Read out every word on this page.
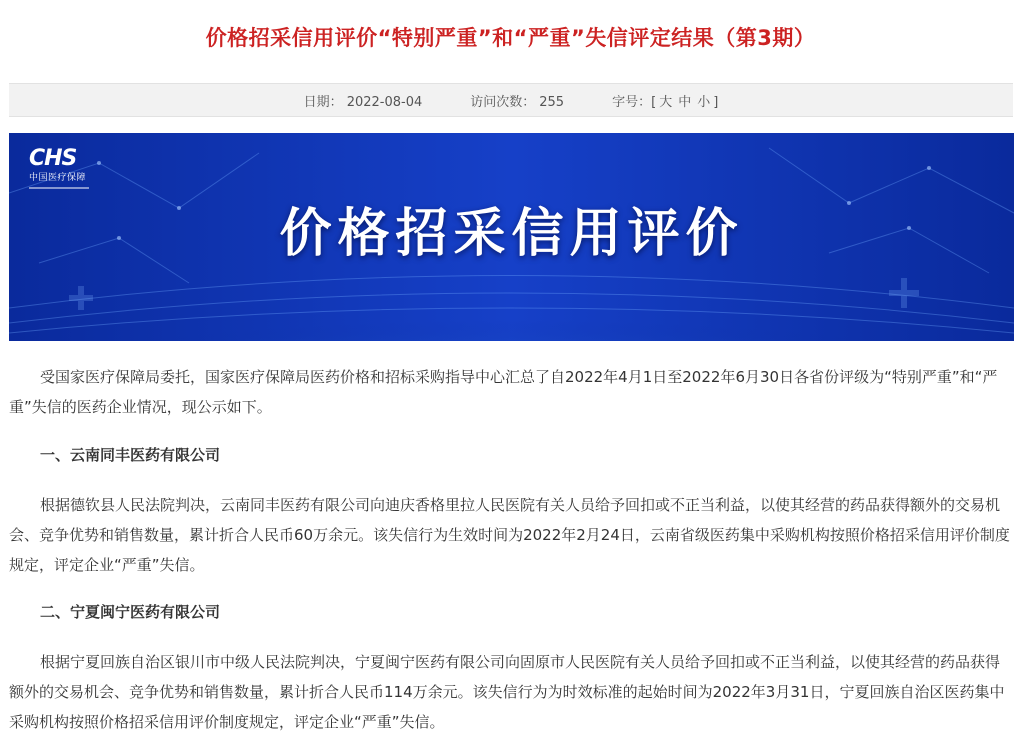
价格招采信用评价“特别严重”和“严重”失信评定结果（第3期）
日期： 2022-08-04	访问次数： 255	字号：[ 大 中 小 ]
CHS
中国医疗保障
价格招采信用评价

受国家医疗保障局委托，国家医疗保障局医药价格和招标采购指导中心汇总了自2022年4月1日至2022年6月30日各省份评级为“特别严重”和“严重”失信的医药企业情况，现公示如下。

一、云南同丰医药有限公司

根据德钦县人民法院判决，云南同丰医药有限公司向迪庆香格里拉人民医院有关人员给予回扣或不正当利益，以使其经营的药品获得额外的交易机会、竞争优势和销售数量，累计折合人民币60万余元。该失信行为生效时间为2022年2月24日，云南省级医药集中采购机构按照价格招采信用评价制度规定，评定企业“严重”失信。

二、宁夏闽宁医药有限公司

根据宁夏回族自治区银川市中级人民法院判决，宁夏闽宁医药有限公司向固原市人民医院有关人员给予回扣或不正当利益，以使其经营的药品获得额外的交易机会、竞争优势和销售数量，累计折合人民币114万余元。该失信行为为时效标准的起始时间为2022年3月31日，宁夏回族自治区医药集中采购机构按照价格招采信用评价制度规定，评定企业“严重”失信。
